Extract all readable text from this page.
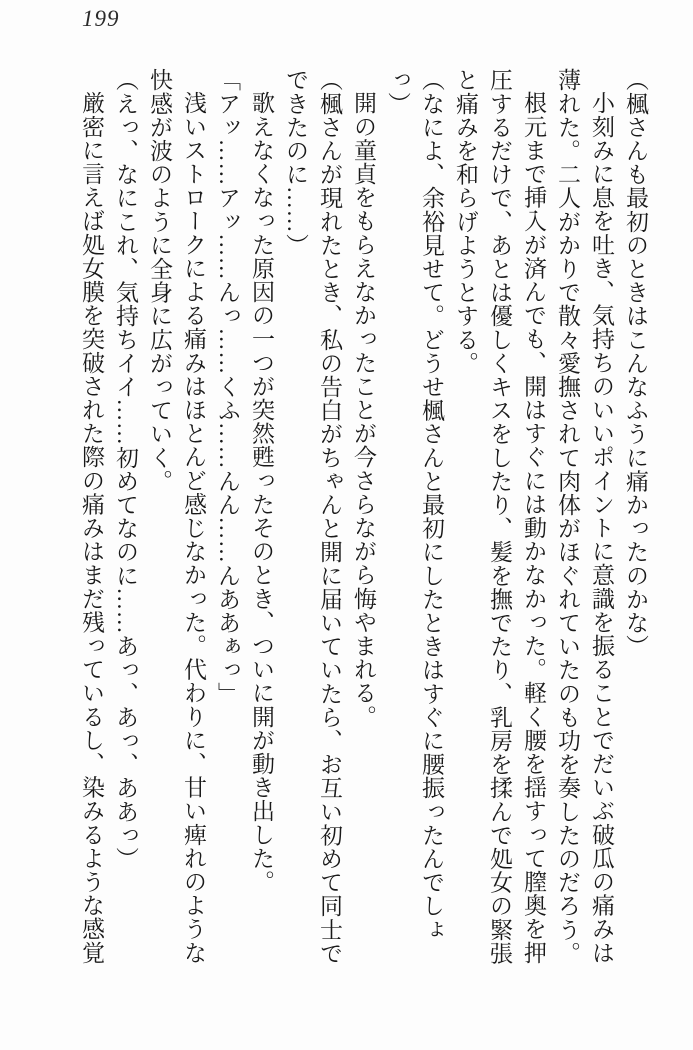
199

（楓さんも最初のときはこんなふうに痛かったのかな）

小刻みに息を吐き、気持ちのいいポイントに意識を振ることでだいぶ破瓜の痛みは薄れた。二人がかりで散々愛撫されて肉体がほぐれていたのも功を奏したのだろう。

根元まで挿入が済んでも、開はすぐには動かなかった。軽く腰を揺すって膣奥を押圧するだけで、あとは優しくキスをしたり、髪を撫でたり、乳房を揉んで処女の緊張と痛みを和らげようとする。

（なによ、余裕見せて。どうせ楓さんと最初にしたときはすぐに腰振ったんでしょっ）

開の童貞をもらえなかったことが今さらながら悔やまれる。

（楓さんが現れたとき、私の告白がちゃんと開に届いていたら、お互い初めて同士でできたのに……）

歌えなくなった原因の一つが突然甦ったそのとき、ついに開が動き出した。

「アッ……アッ……んっ……くふ……んん……んああぁっ」

浅いストロークによる痛みはほとんど感じなかった。代わりに、甘い痺れのような快感が波のように全身に広がっていく。

（えっ、なにこれ、気持ちイイ……初めてなのに……あっ、あっ、ああっ）

厳密に言えば処女膜を突破された際の痛みはまだ残っているし、染みるような感覚
